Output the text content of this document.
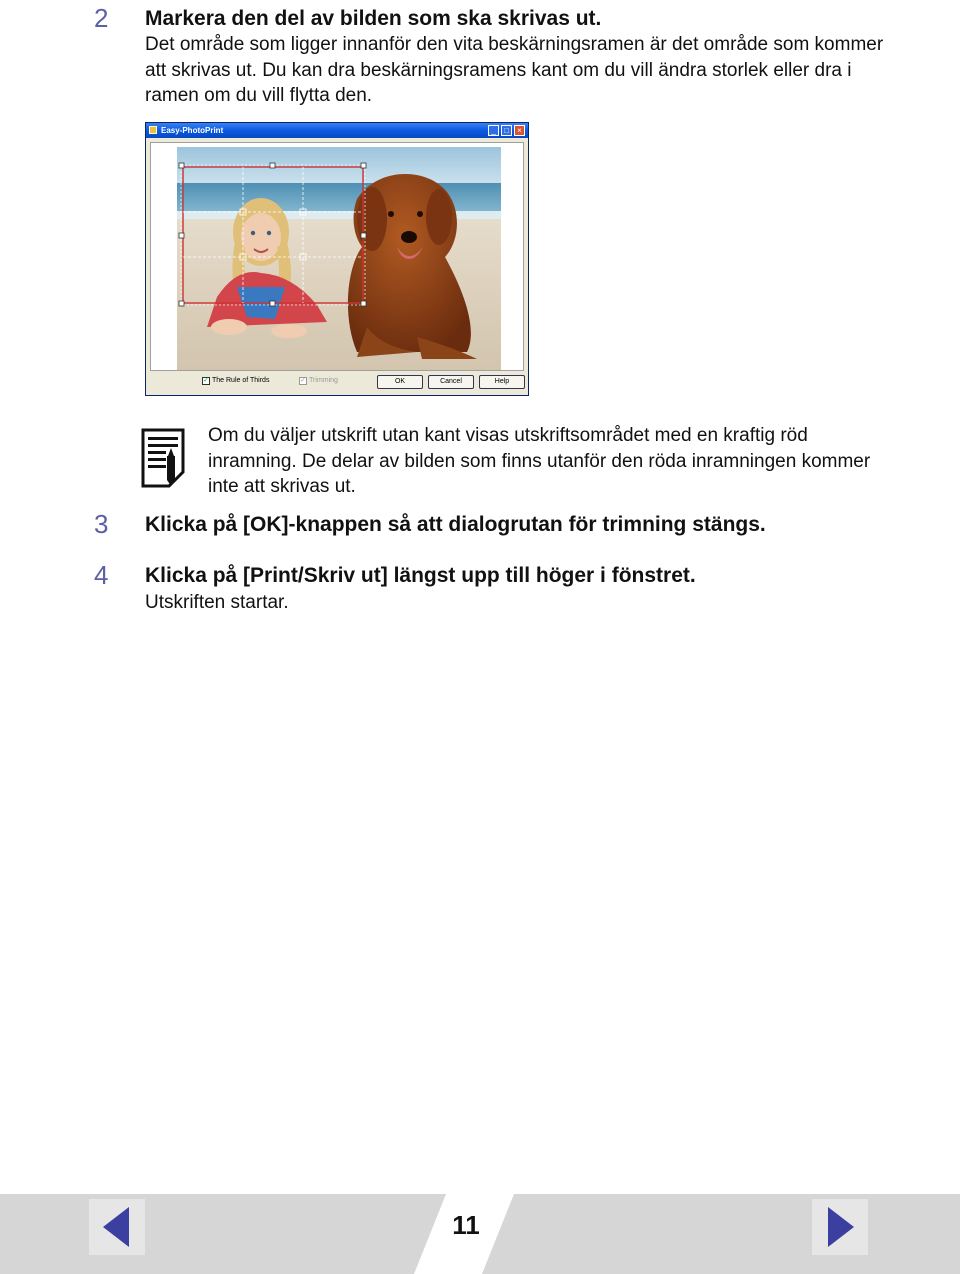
2	Markera den del av bilden som ska skrivas ut.
Det område som ligger innanför den vita beskärningsramen är det område som kommer att skrivas ut. Du kan dra beskärningsramens kant om du vill ändra storlek eller dra i ramen om du vill flytta den.
Easy-PhotoPrint	_	□	×
✓ The Rule of Thirds	✓ Trimming	OK	Cancel	Help
Om du väljer utskrift utan kant visas utskriftsområdet med en kraftig röd inramning. De delar av bilden som finns utanför den röda inramningen kommer inte att skrivas ut.
3	Klicka på [OK]-knappen så att dialogrutan för trimning stängs.
4	Klicka på [Print/Skriv ut] längst upp till höger i fönstret.
Utskriften startar.
11
